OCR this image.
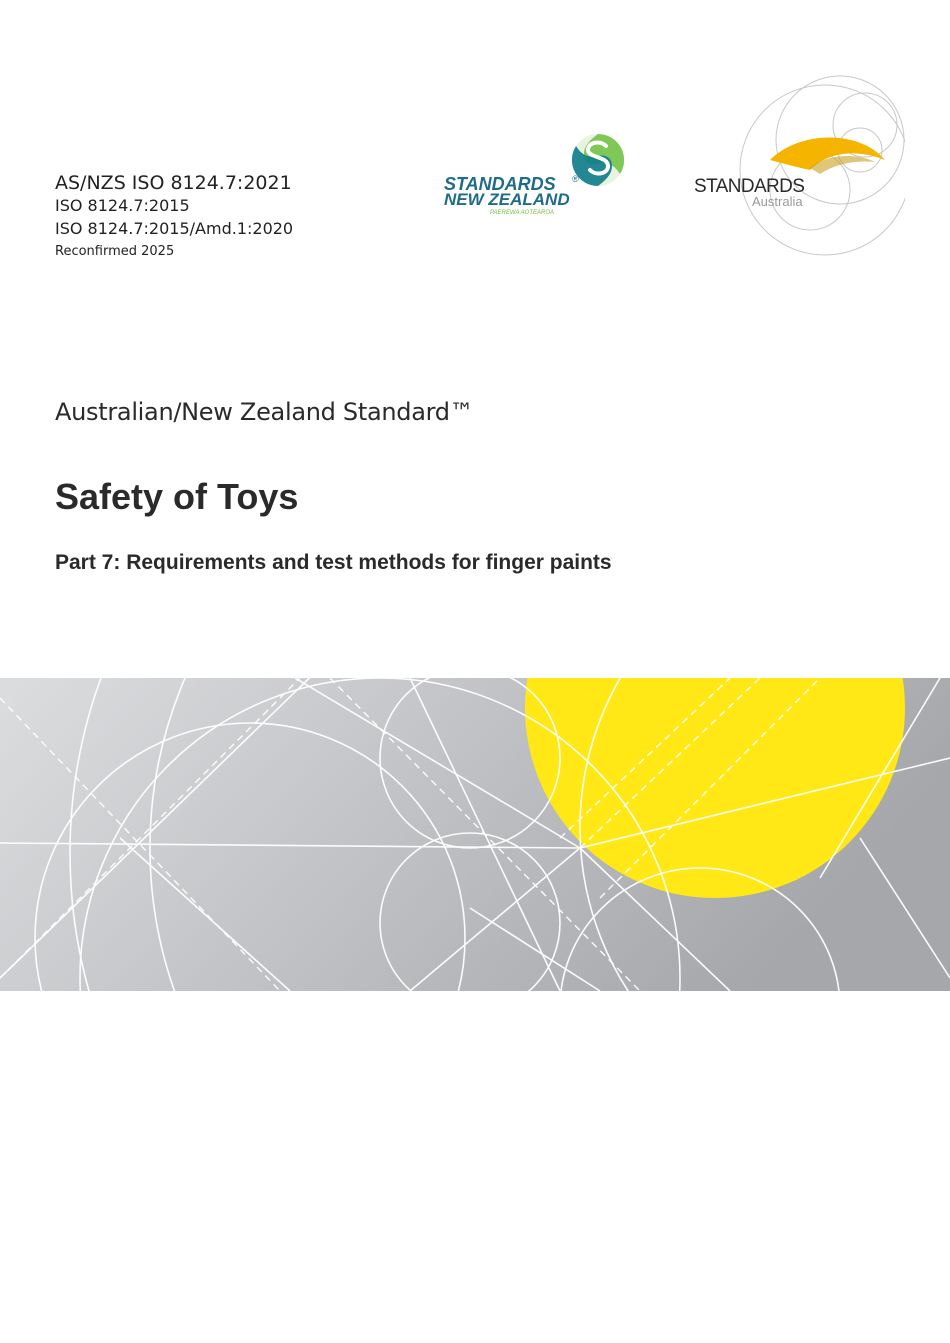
AS/NZS ISO 8124.7:2021
ISO 8124.7:2015
ISO 8124.7:2015/Amd.1:2020
Reconfirmed 2025
STANDARDS ®
NEW ZEALAND
PAEREWA AOTEAROA
STANDARDS
Australia
Australian/New Zealand Standard™
Safety of Toys
Part 7: Requirements and test methods for finger paints
